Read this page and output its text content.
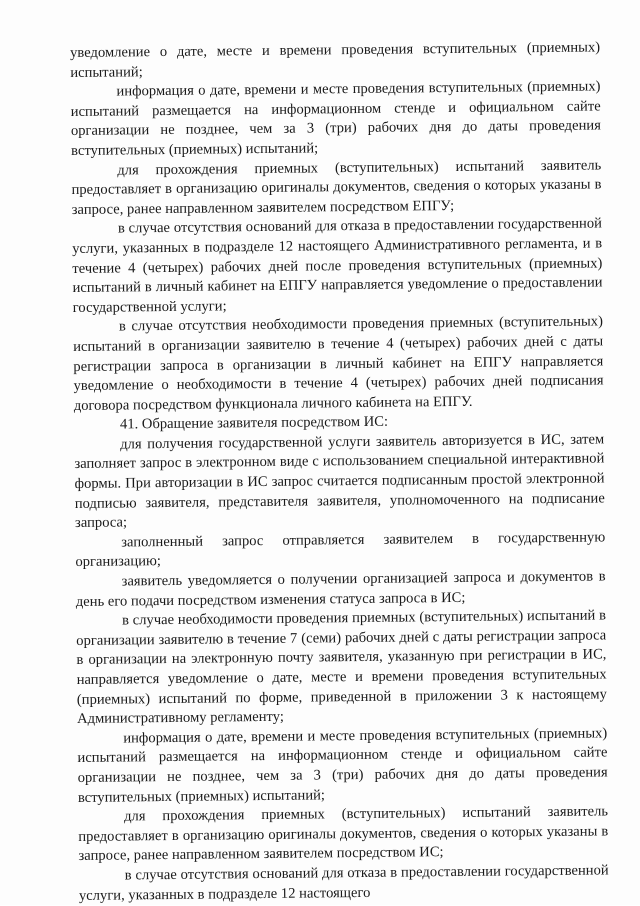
уведомление о дате, месте и времени проведения вступительных (приемных) испытаний;

информация о дате, времени и месте проведения вступительных (приемных) испытаний размещается на информационном стенде и официальном сайте организации не позднее, чем за 3 (три) рабочих дня до даты проведения вступительных (приемных) испытаний;

для прохождения приемных (вступительных) испытаний заявитель предоставляет в организацию оригиналы документов, сведения о которых указаны в запросе, ранее направленном заявителем посредством ЕПГУ;

в случае отсутствия оснований для отказа в предоставлении государственной услуги, указанных в подразделе 12 настоящего Административного регламента, и в течение 4 (четырех) рабочих дней после проведения вступительных (приемных) испытаний в личный кабинет на ЕПГУ направляется уведомление о предоставлении государственной услуги;

в случае отсутствия необходимости проведения приемных (вступительных) испытаний в организации заявителю в течение 4 (четырех) рабочих дней с даты регистрации запроса в организации в личный кабинет на ЕПГУ направляется уведомление о необходимости в течение 4 (четырех) рабочих дней подписания договора посредством функционала личного кабинета на ЕПГУ.

41. Обращение заявителя посредством ИС:

для получения государственной услуги заявитель авторизуется в ИС, затем заполняет запрос в электронном виде с использованием специальной интерактивной формы. При авторизации в ИС запрос считается подписанным простой электронной подписью заявителя, представителя заявителя, уполномоченного на подписание запроса;

заполненный запрос отправляется заявителем в государственную организацию;

заявитель уведомляется о получении организацией запроса и документов в день его подачи посредством изменения статуса запроса в ИС;

в случае необходимости проведения приемных (вступительных) испытаний в организации заявителю в течение 7 (семи) рабочих дней с даты регистрации запроса в организации на электронную почту заявителя, указанную при регистрации в ИС, направляется уведомление о дате, месте и времени проведения вступительных (приемных) испытаний по форме, приведенной в приложении 3 к настоящему Административному регламенту;

информация о дате, времени и месте проведения вступительных (приемных) испытаний размещается на информационном стенде и официальном сайте организации не позднее, чем за 3 (три) рабочих дня до даты проведения вступительных (приемных) испытаний;

для прохождения приемных (вступительных) испытаний заявитель предоставляет в организацию оригиналы документов, сведения о которых указаны в запросе, ранее направленном заявителем посредством ИС;

в случае отсутствия оснований для отказа в предоставлении государственной услуги, указанных в подразделе 12 настоящего
